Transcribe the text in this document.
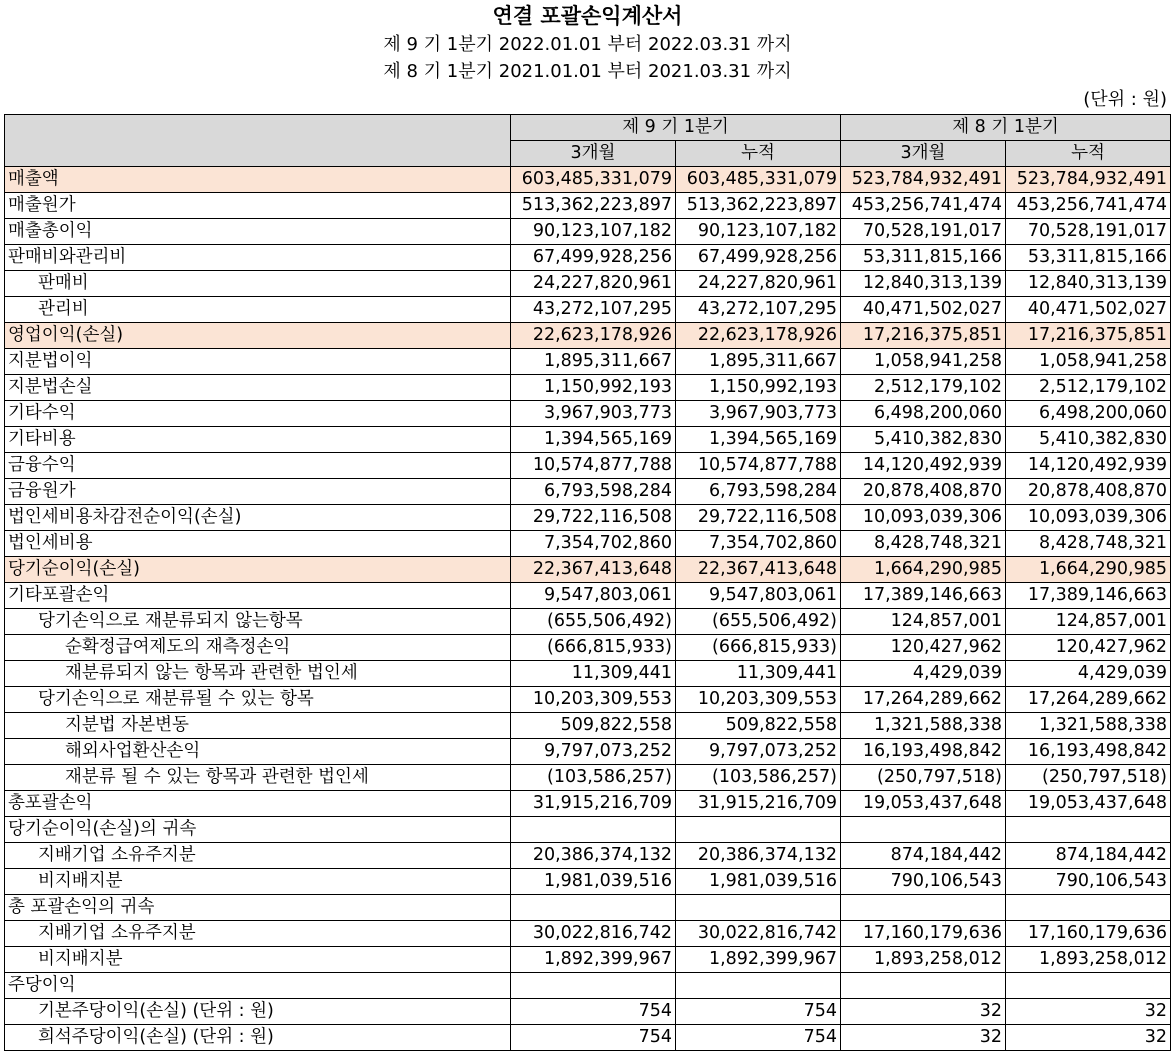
연결 포괄손익계산서
제 9 기 1분기 2022.01.01 부터 2022.03.31 까지
제 8 기 1분기 2021.01.01 부터 2021.03.31 까지
(단위 : 원)
	제 9 기 1분기		제 8 기 1분기	
	3개월	누적	3개월	누적
매출액	603,485,331,079	603,485,331,079	523,784,932,491	523,784,932,491
매출원가	513,362,223,897	513,362,223,897	453,256,741,474	453,256,741,474
매출총이익	90,123,107,182	90,123,107,182	70,528,191,017	70,528,191,017
판매비와관리비	67,499,928,256	67,499,928,256	53,311,815,166	53,311,815,166
판매비	24,227,820,961	24,227,820,961	12,840,313,139	12,840,313,139
관리비	43,272,107,295	43,272,107,295	40,471,502,027	40,471,502,027
영업이익(손실)	22,623,178,926	22,623,178,926	17,216,375,851	17,216,375,851
지분법이익	1,895,311,667	1,895,311,667	1,058,941,258	1,058,941,258
지분법손실	1,150,992,193	1,150,992,193	2,512,179,102	2,512,179,102
기타수익	3,967,903,773	3,967,903,773	6,498,200,060	6,498,200,060
기타비용	1,394,565,169	1,394,565,169	5,410,382,830	5,410,382,830
금융수익	10,574,877,788	10,574,877,788	14,120,492,939	14,120,492,939
금융원가	6,793,598,284	6,793,598,284	20,878,408,870	20,878,408,870
법인세비용차감전순이익(손실)	29,722,116,508	29,722,116,508	10,093,039,306	10,093,039,306
법인세비용	7,354,702,860	7,354,702,860	8,428,748,321	8,428,748,321
당기순이익(손실)	22,367,413,648	22,367,413,648	1,664,290,985	1,664,290,985
기타포괄손익	9,547,803,061	9,547,803,061	17,389,146,663	17,389,146,663
당기손익으로 재분류되지 않는항목	(655,506,492)	(655,506,492)	124,857,001	124,857,001
순확정급여제도의 재측정손익	(666,815,933)	(666,815,933)	120,427,962	120,427,962
재분류되지 않는 항목과 관련한 법인세	11,309,441	11,309,441	4,429,039	4,429,039
당기손익으로 재분류될 수 있는 항목	10,203,309,553	10,203,309,553	17,264,289,662	17,264,289,662
지분법 자본변동	509,822,558	509,822,558	1,321,588,338	1,321,588,338
해외사업환산손익	9,797,073,252	9,797,073,252	16,193,498,842	16,193,498,842
재분류 될 수 있는 항목과 관련한 법인세	(103,586,257)	(103,586,257)	(250,797,518)	(250,797,518)
총포괄손익	31,915,216,709	31,915,216,709	19,053,437,648	19,053,437,648
당기순이익(손실)의 귀속				
지배기업 소유주지분	20,386,374,132	20,386,374,132	874,184,442	874,184,442
비지배지분	1,981,039,516	1,981,039,516	790,106,543	790,106,543
총 포괄손익의 귀속				
지배기업 소유주지분	30,022,816,742	30,022,816,742	17,160,179,636	17,160,179,636
비지배지분	1,892,399,967	1,892,399,967	1,893,258,012	1,893,258,012
주당이익				
기본주당이익(손실) (단위 : 원)	754	754	32	32
희석주당이익(손실) (단위 : 원)	754	754	32	32
